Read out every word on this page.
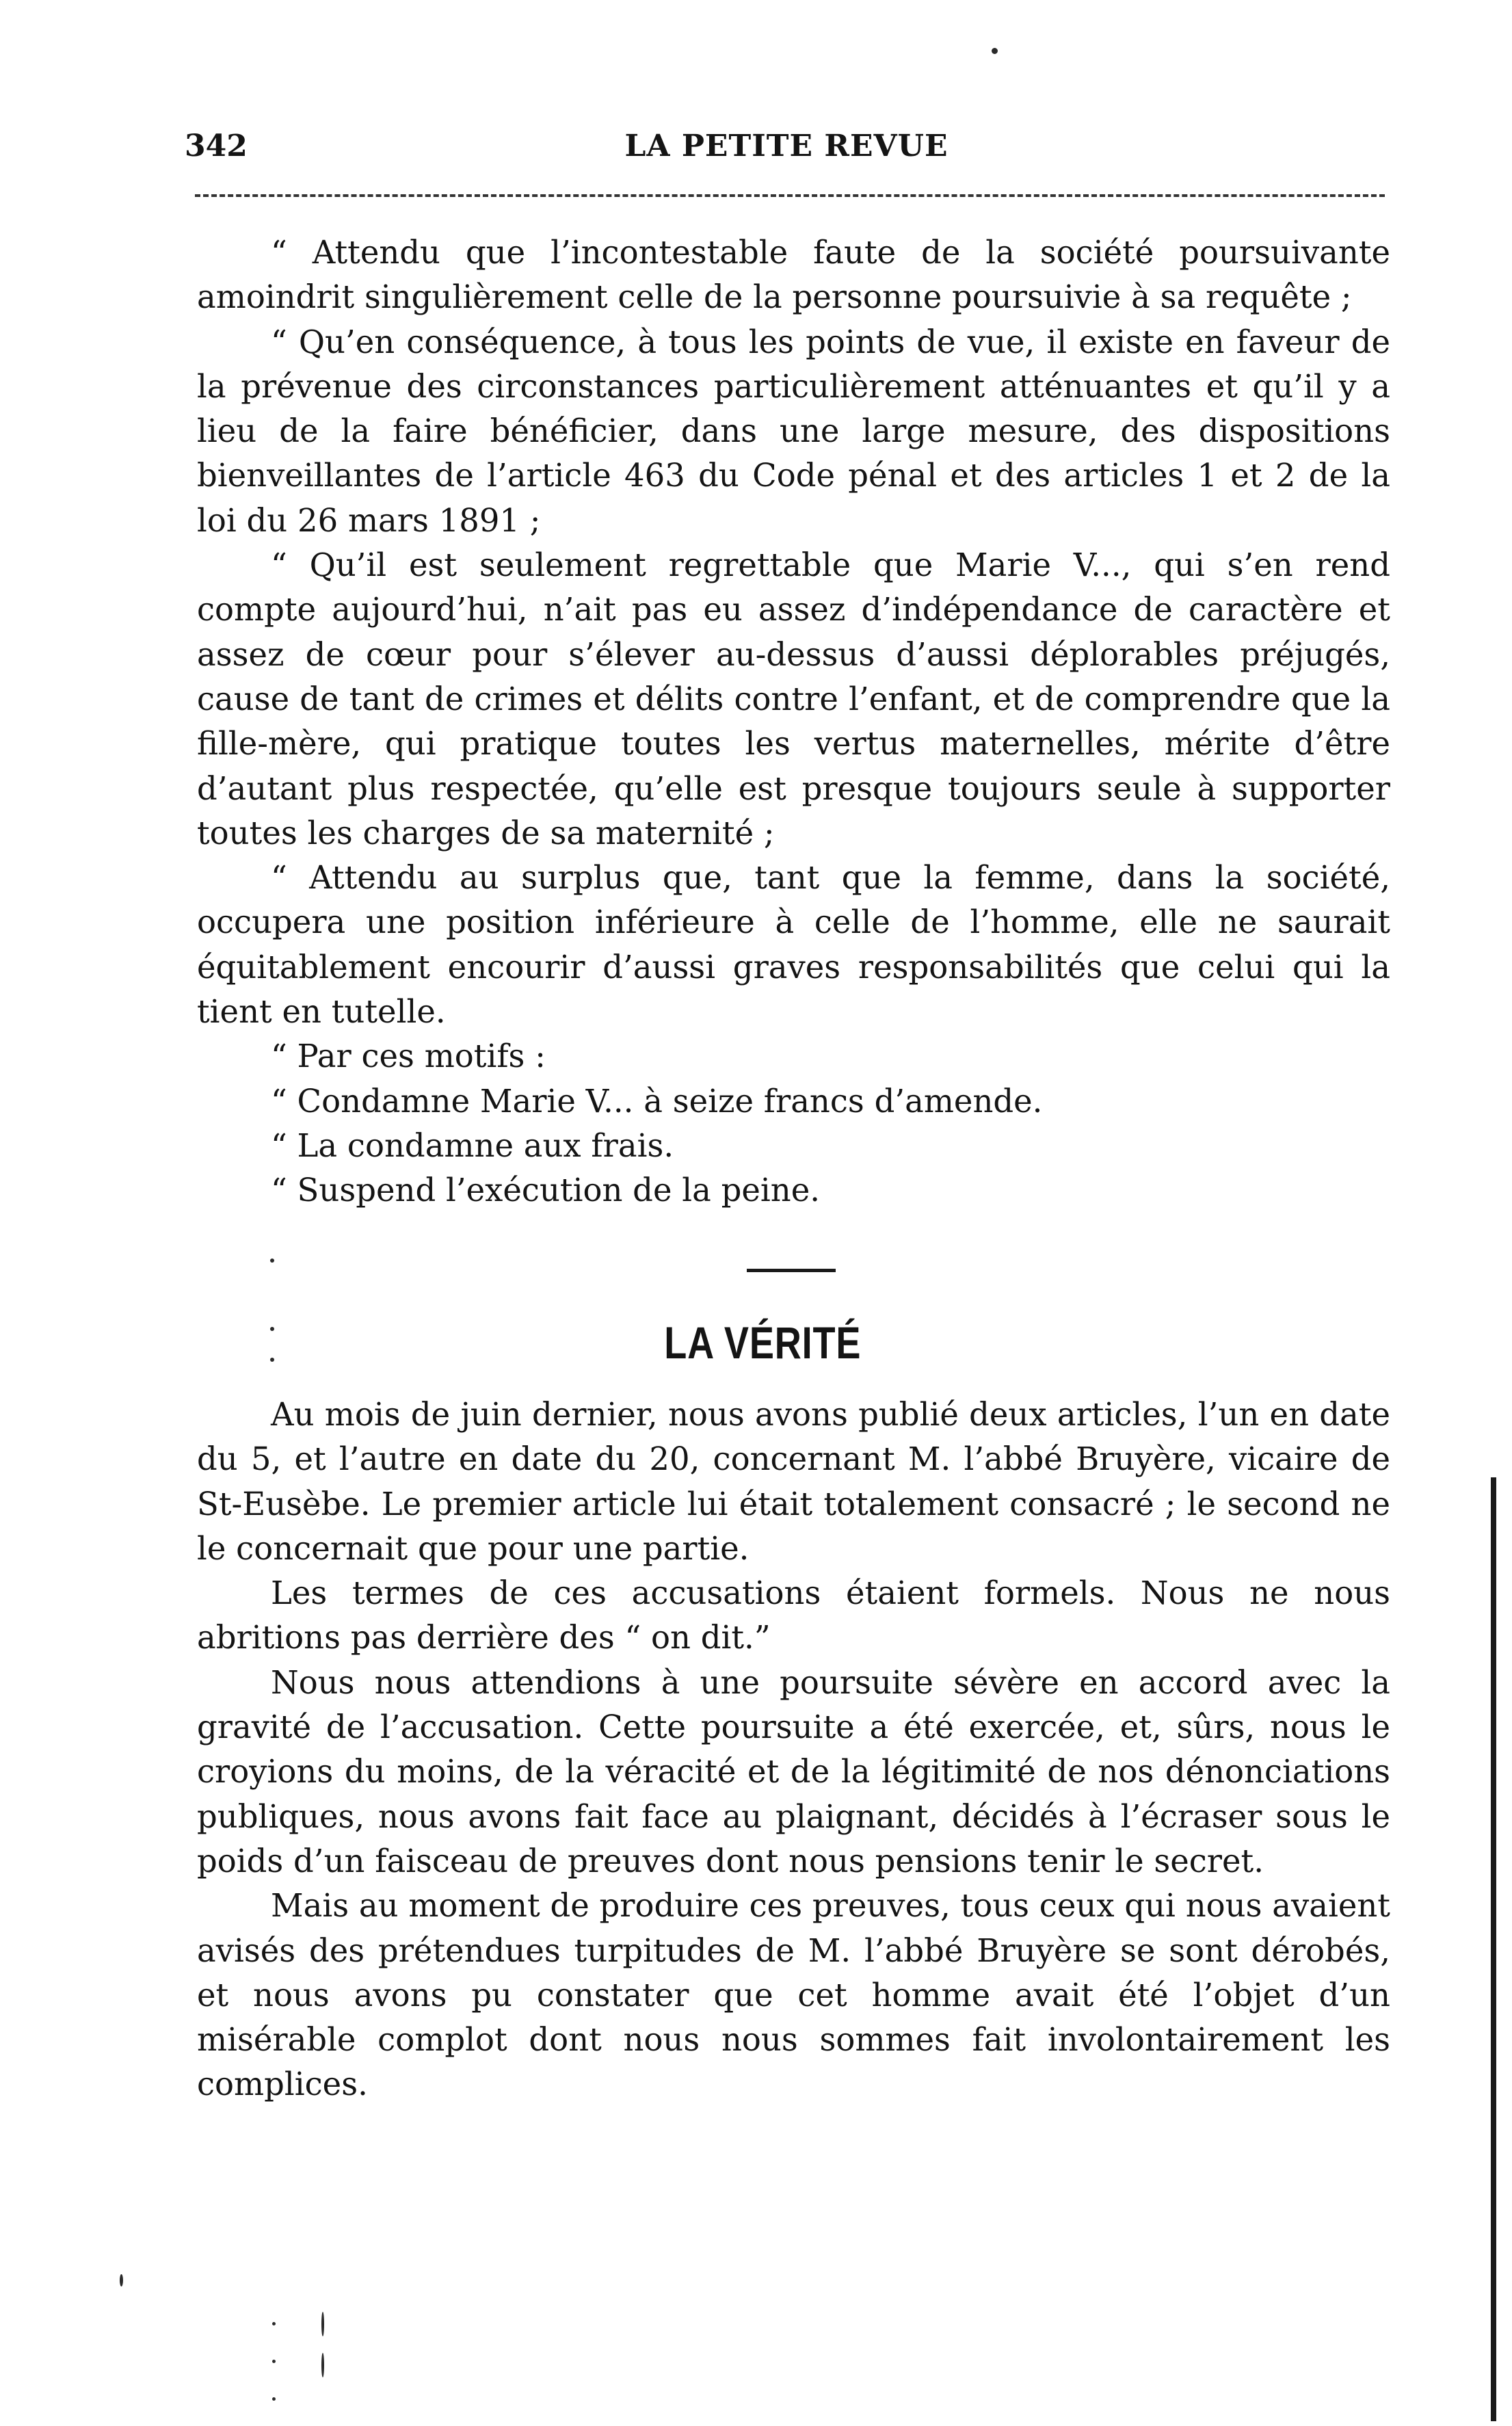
342	LA PETITE REVUE

“ Attendu que l’incontestable faute de la société poursuivante amoindrit singulièrement celle de la personne poursuivie à sa requête ;

“ Qu’en conséquence, à tous les points de vue, il existe en faveur de la prévenue des circonstances particulièrement atténuantes et qu’il y a lieu de la faire bénéficier, dans une large mesure, des dispositions bienveillantes de l’article 463 du Code pénal et des articles 1 et 2 de la loi du 26 mars 1891 ;

“ Qu’il est seulement regrettable que Marie V..., qui s’en rend compte aujourd’hui, n’ait pas eu assez d’indépendance de caractère et assez de cœur pour s’élever au-dessus d’aussi déplorables préjugés, cause de tant de crimes et délits contre l’enfant, et de comprendre que la fille-mère, qui pratique toutes les vertus maternelles, mérite d’être d’autant plus respectée, qu’elle est presque toujours seule à supporter toutes les charges de sa maternité ;

“ Attendu au surplus que, tant que la femme, dans la société, occupera une position inférieure à celle de l’homme, elle ne saurait équitablement encourir d’aussi graves responsabilités que celui qui la tient en tutelle.

“ Par ces motifs :

“ Condamne Marie V... à seize francs d’amende.

“ La condamne aux frais.

“ Suspend l’exécution de la peine.

LA VÉRITÉ

Au mois de juin dernier, nous avons publié deux articles, l’un en date du 5, et l’autre en date du 20, concernant M. l’abbé Bruyère, vicaire de St-Eusèbe. Le premier article lui était totalement consacré ; le second ne le concernait que pour une partie.

Les termes de ces accusations étaient formels. Nous ne nous abritions pas derrière des “ on dit.”

Nous nous attendions à une poursuite sévère en accord avec la gravité de l’accusation. Cette poursuite a été exercée, et, sûrs, nous le croyions du moins, de la véracité et de la légitimité de nos dénonciations publiques, nous avons fait face au plaignant, décidés à l’écraser sous le poids d’un faisceau de preuves dont nous pensions tenir le secret.

Mais au moment de produire ces preuves, tous ceux qui nous avaient avisés des prétendues turpitudes de M. l’abbé Bruyère se sont dérobés, et nous avons pu constater que cet homme avait été l’objet d’un misérable complot dont nous nous sommes fait involontairement les complices.
